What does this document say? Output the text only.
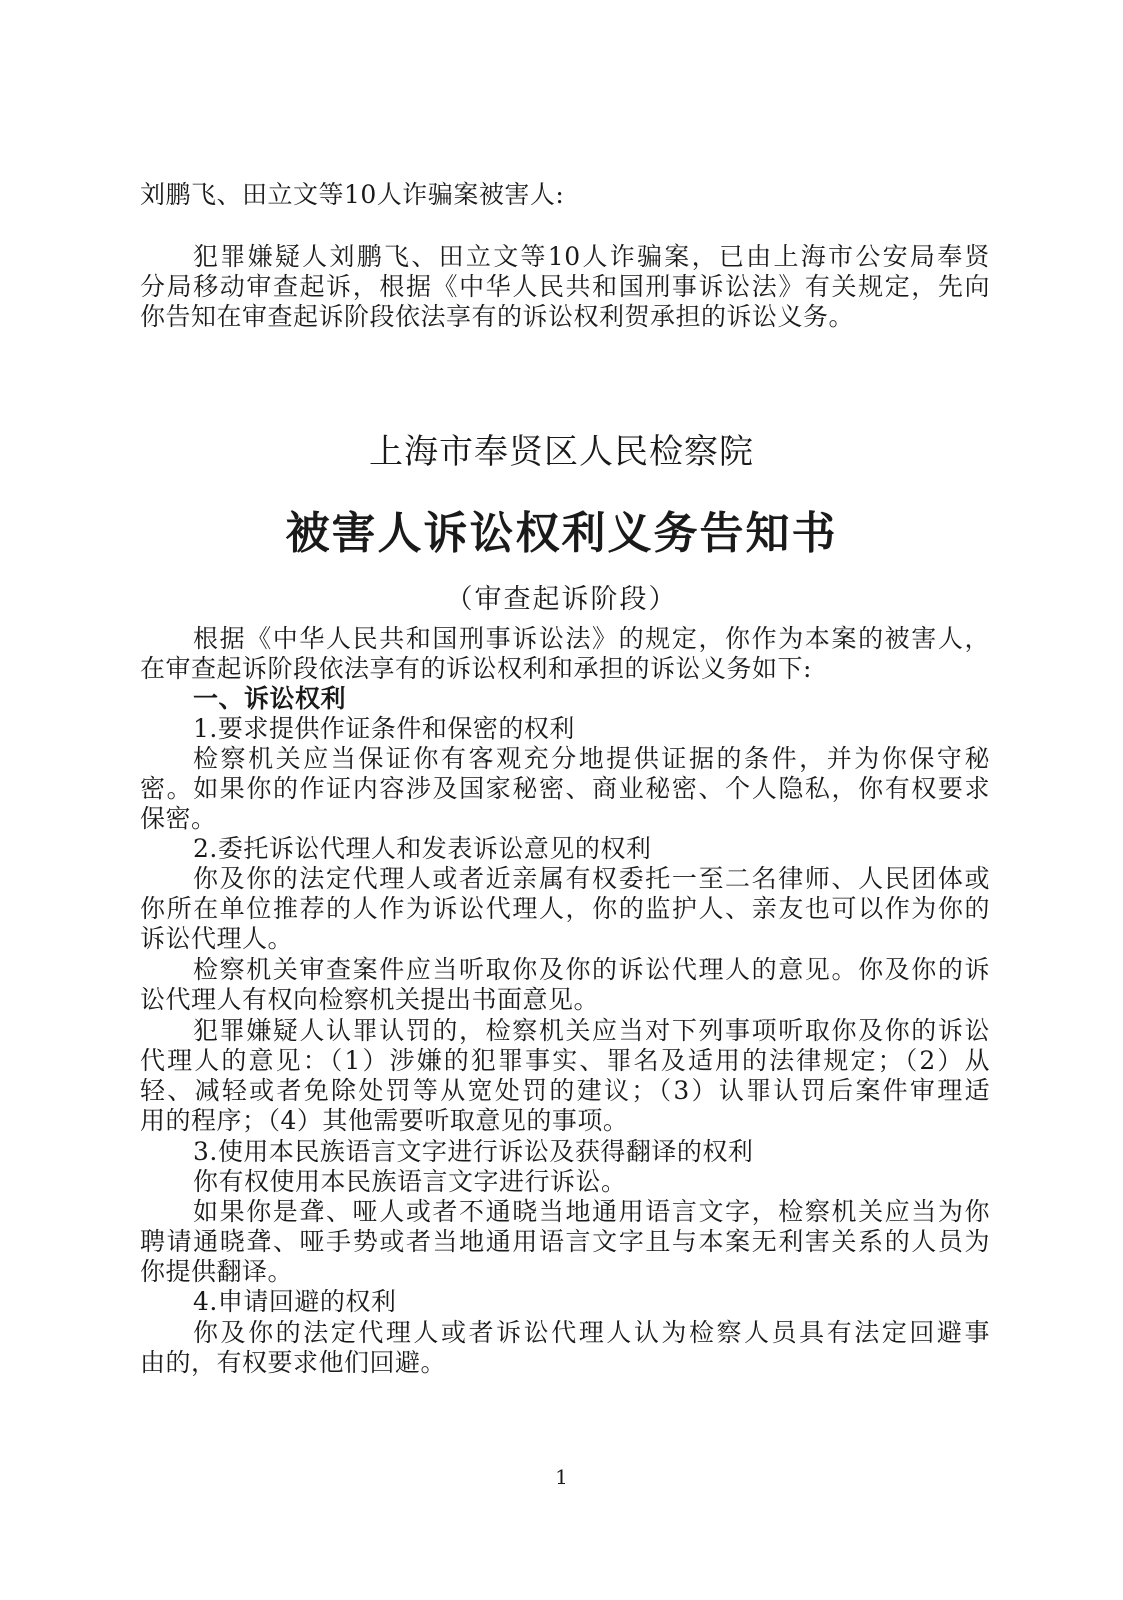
刘鹏飞、田立文等10人诈骗案被害人:
犯罪嫌疑人刘鹏飞、田立文等10人诈骗案，已由上海市公安局奉贤
分局移动审查起诉，根据《中华人民共和国刑事诉讼法》有关规定，先向
你告知在审查起诉阶段依法享有的诉讼权利贺承担的诉讼义务。
上海市奉贤区人民检察院
被害人诉讼权利义务告知书
（审查起诉阶段）
根据《中华人民共和国刑事诉讼法》的规定，你作为本案的被害人，
在审查起诉阶段依法享有的诉讼权利和承担的诉讼义务如下:
一、诉讼权利
1.要求提供作证条件和保密的权利
检察机关应当保证你有客观充分地提供证据的条件，并为你保守秘
密。如果你的作证内容涉及国家秘密、商业秘密、个人隐私，你有权要求
保密。
2.委托诉讼代理人和发表诉讼意见的权利
你及你的法定代理人或者近亲属有权委托一至二名律师、人民团体或
你所在单位推荐的人作为诉讼代理人，你的监护人、亲友也可以作为你的
诉讼代理人。
检察机关审查案件应当听取你及你的诉讼代理人的意见。你及你的诉
讼代理人有权向检察机关提出书面意见。
犯罪嫌疑人认罪认罚的，检察机关应当对下列事项听取你及你的诉讼
代理人的意见：（1）涉嫌的犯罪事实、罪名及适用的法律规定；（2）从
轻、减轻或者免除处罚等从宽处罚的建议；（3）认罪认罚后案件审理适
用的程序；（4）其他需要听取意见的事项。
3.使用本民族语言文字进行诉讼及获得翻译的权利
你有权使用本民族语言文字进行诉讼。
如果你是聋、哑人或者不通晓当地通用语言文字，检察机关应当为你
聘请通晓聋、哑手势或者当地通用语言文字且与本案无利害关系的人员为
你提供翻译。
4.申请回避的权利
你及你的法定代理人或者诉讼代理人认为检察人员具有法定回避事
由的，有权要求他们回避。
1
